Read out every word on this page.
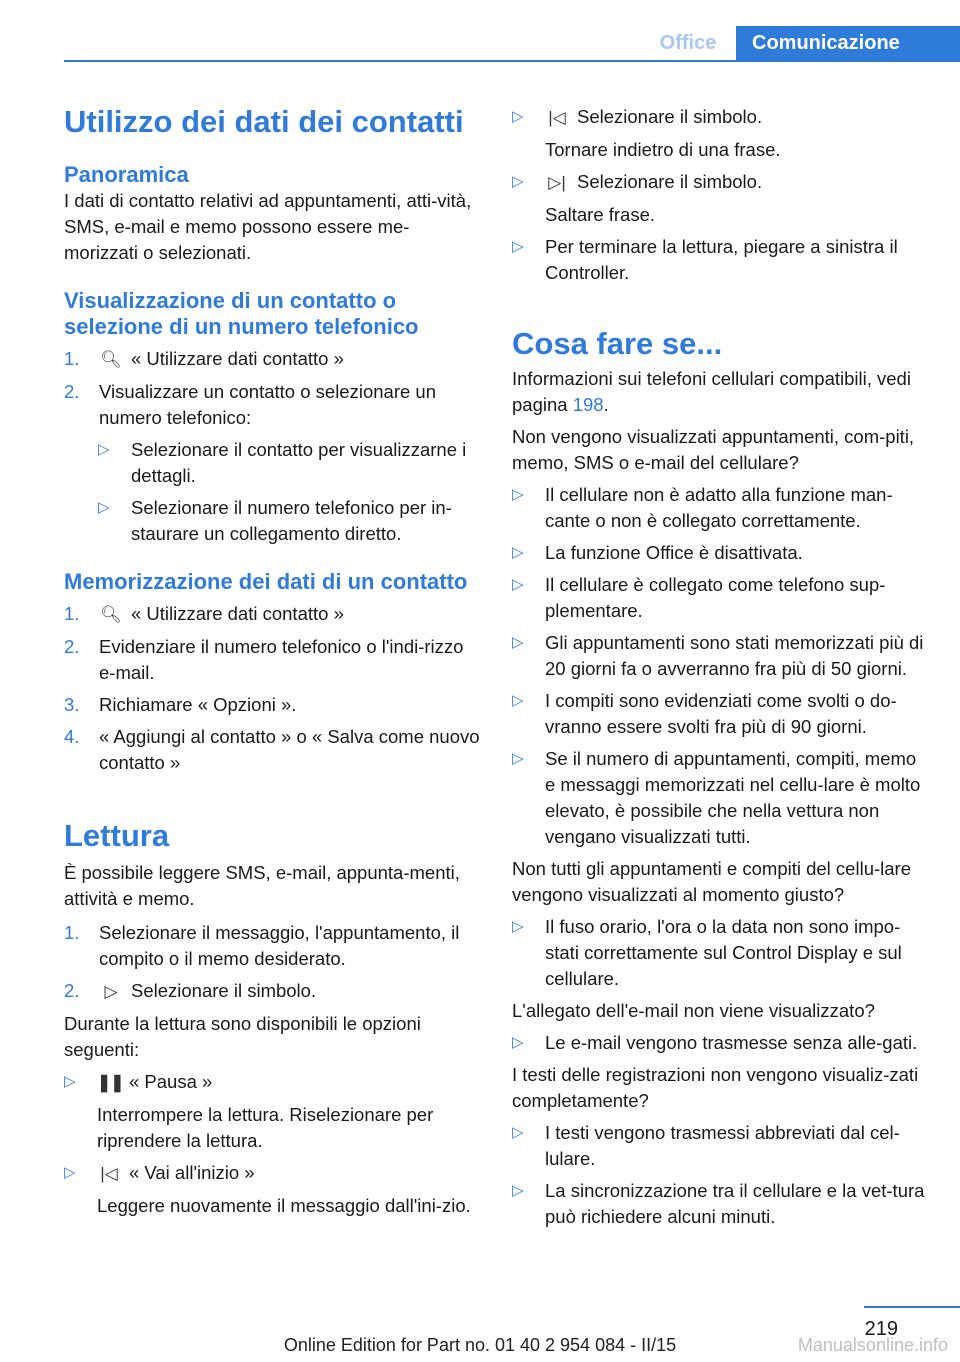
Office	Comunicazione
Utilizzo dei dati dei contatti
Panoramica

I dati di contatto relativi ad appuntamenti, atti-vità, SMS, e-mail e memo possono essere me-morizzati o selezionati.

Visualizzazione di un contatto o selezione di un numero telefonico
1.	🔍︎ « Utilizzare dati contatto »
2.	Visualizzare un contatto o selezionare un numero telefonico:
▷	Selezionare il contatto per visualizzarne i dettagli.
▷	Selezionare il numero telefonico per in-staurare un collegamento diretto.
Memorizzazione dei dati di un contatto
1.	🔍︎ « Utilizzare dati contatto »
2.	Evidenziare il numero telefonico o l'indi-rizzo e-mail.
3.	Richiamare « Opzioni ».
4.	« Aggiungi al contatto » o « Salva come nuovo contatto »
Lettura

È possibile leggere SMS, e-mail, appunta-menti, attività e memo.

1.	Selezionare il messaggio, l'appuntamento, il compito o il memo desiderato.
2.	▷ Selezionare il simbolo.

Durante la lettura sono disponibili le opzioni seguenti:

▷	❚❚ « Pausa »
Interrompere la lettura. Riselezionare per riprendere la lettura.
▷	|◁ « Vai all'inizio »
Leggere nuovamente il messaggio dall'ini-zio.
▷	|◁ Selezionare il simbolo.
Tornare indietro di una frase.
▷	▷| Selezionare il simbolo.
Saltare frase.
▷	Per terminare la lettura, piegare a sinistra il Controller.
Cosa fare se...

Informazioni sui telefoni cellulari compatibili, vedi pagina 198.

Non vengono visualizzati appuntamenti, com-piti, memo, SMS o e-mail del cellulare?

▷	Il cellulare non è adatto alla funzione man-cante o non è collegato correttamente.
▷	La funzione Office è disattivata.
▷	Il cellulare è collegato come telefono sup-plementare.
▷	Gli appuntamenti sono stati memorizzati più di 20 giorni fa o avverranno fra più di 50 giorni.
▷	I compiti sono evidenziati come svolti o do-vranno essere svolti fra più di 90 giorni.
▷	Se il numero di appuntamenti, compiti, memo e messaggi memorizzati nel cellu-lare è molto elevato, è possibile che nella vettura non vengano visualizzati tutti.

Non tutti gli appuntamenti e compiti del cellu-lare vengono visualizzati al momento giusto?

▷	Il fuso orario, l'ora o la data non sono impo-stati correttamente sul Control Display e sul cellulare.

L'allegato dell'e-mail non viene visualizzato?

▷	Le e-mail vengono trasmesse senza alle-gati.

I testi delle registrazioni non vengono visualiz-zati completamente?

▷	I testi vengono trasmessi abbreviati dal cel-lulare.
▷	La sincronizzazione tra il cellulare e la vet-tura può richiedere alcuni minuti.
219
Online Edition for Part no. 01 40 2 954 084 - II/15	Manualsonline.info
